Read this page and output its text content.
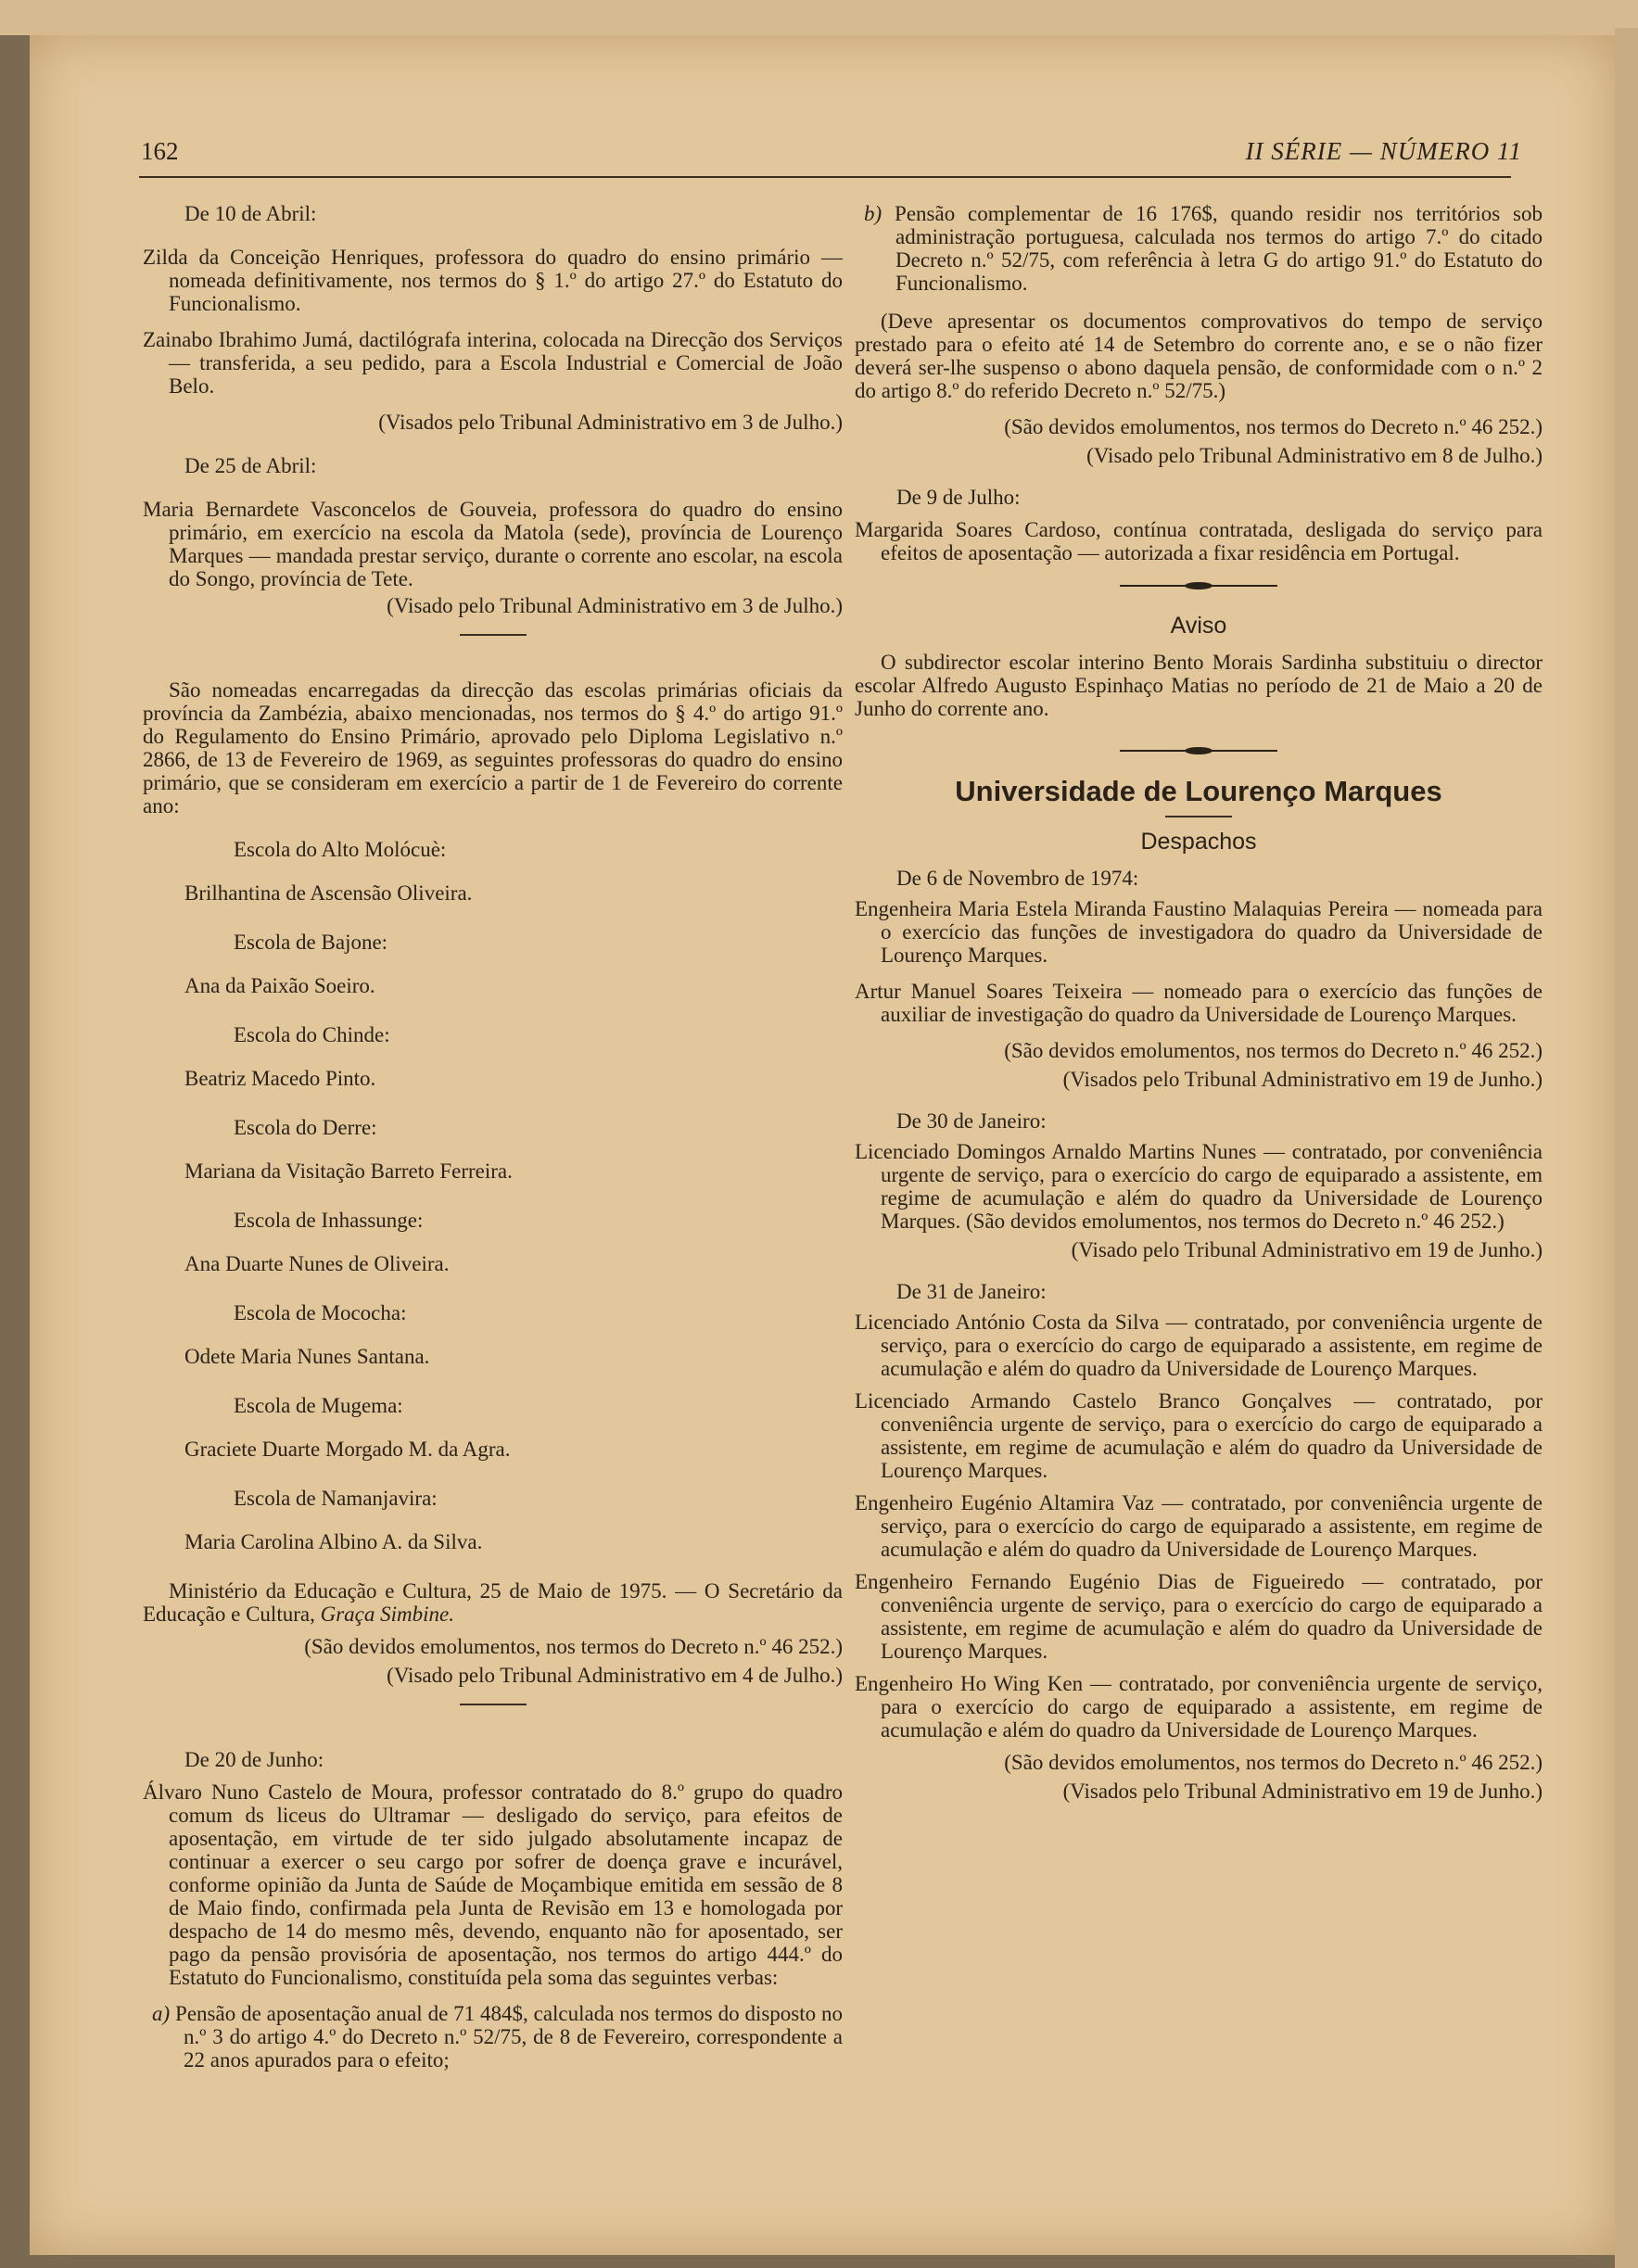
162	II SÉRIE — NÚMERO 11

De 10 de Abril:

Zilda da Conceição Henriques, professora do quadro do ensino primário — nomeada definitivamente, nos termos do § 1.º do artigo 27.º do Estatuto do Funcionalismo.

Zainabo Ibrahimo Jumá, dactilógrafa interina, colocada na Direcção dos Serviços — transferida, a seu pedido, para a Escola Industrial e Comercial de João Belo.

(Visados pelo Tribunal Administrativo em 3 de Julho.)

De 25 de Abril:

Maria Bernardete Vasconcelos de Gouveia, professora do quadro do ensino primário, em exercício na escola da Matola (sede), província de Lourenço Marques — mandada prestar serviço, durante o corrente ano escolar, na escola do Songo, província de Tete.

(Visado pelo Tribunal Administrativo em 3 de Julho.)

São nomeadas encarregadas da direcção das escolas primárias oficiais da província da Zambézia, abaixo mencionadas, nos termos do § 4.º do artigo 91.º do Regulamento do Ensino Primário, aprovado pelo Diploma Legislativo n.º 2866, de 13 de Fevereiro de 1969, as seguintes professoras do quadro do ensino primário, que se consideram em exercício a partir de 1 de Fevereiro do corrente ano:

Escola do Alto Molócuè:

Brilhantina de Ascensão Oliveira.

Escola de Bajone:

Ana da Paixão Soeiro.

Escola do Chinde:

Beatriz Macedo Pinto.

Escola do Derre:

Mariana da Visitação Barreto Ferreira.

Escola de Inhassunge:

Ana Duarte Nunes de Oliveira.

Escola de Mococha:

Odete Maria Nunes Santana.

Escola de Mugema:

Graciete Duarte Morgado M. da Agra.

Escola de Namanjavira:

Maria Carolina Albino A. da Silva.

Ministério da Educação e Cultura, 25 de Maio de 1975. — O Secretário da Educação e Cultura, Graça Simbine.

(São devidos emolumentos, nos termos do Decreto n.º 46 252.)

(Visado pelo Tribunal Administrativo em 4 de Julho.)

De 20 de Junho:

Álvaro Nuno Castelo de Moura, professor contratado do 8.º grupo do quadro comum ds liceus do Ultramar — desligado do serviço, para efeitos de aposentação, em virtude de ter sido julgado absolutamente incapaz de continuar a exercer o seu cargo por sofrer de doença grave e incurável, conforme opinião da Junta de Saúde de Moçambique emitida em sessão de 8 de Maio findo, confirmada pela Junta de Revisão em 13 e homologada por despacho de 14 do mesmo mês, devendo, enquanto não for aposentado, ser pago da pensão provisória de aposentação, nos termos do artigo 444.º do Estatuto do Funcionalismo, constituída pela soma das seguintes verbas:

a) Pensão de aposentação anual de 71 484$, calculada nos termos do disposto no n.º 3 do artigo 4.º do Decreto n.º 52/75, de 8 de Fevereiro, correspondente a 22 anos apurados para o efeito;

b) Pensão complementar de 16 176$, quando residir nos territórios sob administração portuguesa, calculada nos termos do artigo 7.º do citado Decreto n.º 52/75, com referência à letra G do artigo 91.º do Estatuto do Funcionalismo.

(Deve apresentar os documentos comprovativos do tempo de serviço prestado para o efeito até 14 de Setembro do corrente ano, e se o não fizer deverá ser-lhe suspenso o abono daquela pensão, de conformidade com o n.º 2 do artigo 8.º do referido Decreto n.º 52/75.)

(São devidos emolumentos, nos termos do Decreto n.º 46 252.)

(Visado pelo Tribunal Administrativo em 8 de Julho.)

De 9 de Julho:

Margarida Soares Cardoso, contínua contratada, desligada do serviço para efeitos de aposentação — autorizada a fixar residência em Portugal.

Aviso

O subdirector escolar interino Bento Morais Sardinha substituiu o director escolar Alfredo Augusto Espinhaço Matias no período de 21 de Maio a 20 de Junho do corrente ano.

Universidade de Lourenço Marques
Despachos

De 6 de Novembro de 1974:

Engenheira Maria Estela Miranda Faustino Malaquias Pereira — nomeada para o exercício das funções de investigadora do quadro da Universidade de Lourenço Marques.

Artur Manuel Soares Teixeira — nomeado para o exercício das funções de auxiliar de investigação do quadro da Universidade de Lourenço Marques.

(São devidos emolumentos, nos termos do Decreto n.º 46 252.)

(Visados pelo Tribunal Administrativo em 19 de Junho.)

De 30 de Janeiro:

Licenciado Domingos Arnaldo Martins Nunes — contratado, por conveniência urgente de serviço, para o exercício do cargo de equiparado a assistente, em regime de acumulação e além do quadro da Universidade de Lourenço Marques. (São devidos emolumentos, nos termos do Decreto n.º 46 252.)

(Visado pelo Tribunal Administrativo em 19 de Junho.)

De 31 de Janeiro:

Licenciado António Costa da Silva — contratado, por conveniência urgente de serviço, para o exercício do cargo de equiparado a assistente, em regime de acumulação e além do quadro da Universidade de Lourenço Marques.

Licenciado Armando Castelo Branco Gonçalves — contratado, por conveniência urgente de serviço, para o exercício do cargo de equiparado a assistente, em regime de acumulação e além do quadro da Universidade de Lourenço Marques.

Engenheiro Eugénio Altamira Vaz — contratado, por conveniência urgente de serviço, para o exercício do cargo de equiparado a assistente, em regime de acumulação e além do quadro da Universidade de Lourenço Marques.

Engenheiro Fernando Eugénio Dias de Figueiredo — contratado, por conveniência urgente de serviço, para o exercício do cargo de equiparado a assistente, em regime de acumulação e além do quadro da Universidade de Lourenço Marques.

Engenheiro Ho Wing Ken — contratado, por conveniência urgente de serviço, para o exercício do cargo de equiparado a assistente, em regime de acumulação e além do quadro da Universidade de Lourenço Marques.

(São devidos emolumentos, nos termos do Decreto n.º 46 252.)

(Visados pelo Tribunal Administrativo em 19 de Junho.)
